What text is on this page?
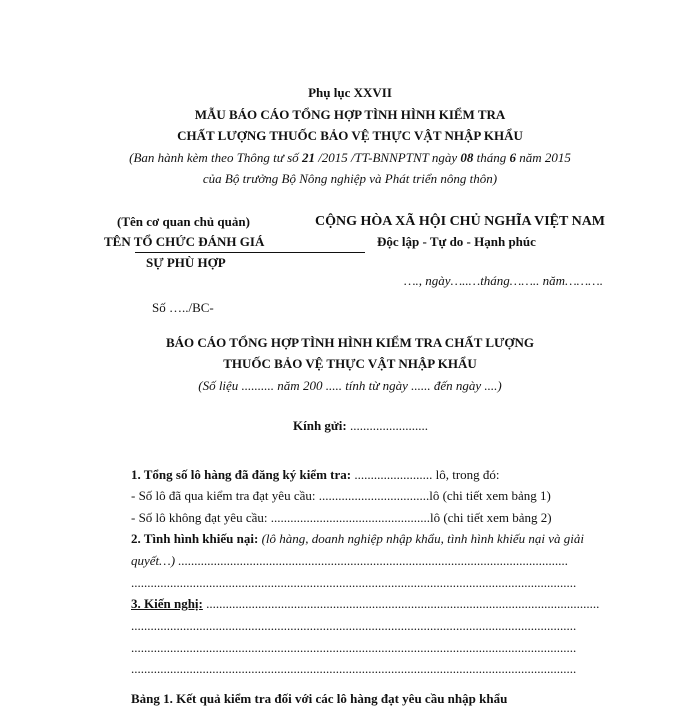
Phụ lục XXVII
MẪU BÁO CÁO TỔNG HỢP TÌNH HÌNH KIỂM TRA
CHẤT LƯỢNG THUỐC BẢO VỆ THỰC VẬT NHẬP KHẨU
(Ban hành kèm theo Thông tư số 21 /2015 /TT-BNNPTNT ngày 08 tháng 6 năm 2015
của Bộ trưởng Bộ Nông nghiệp và Phát triển nông thôn)
(Tên cơ quan chủ quản)
TÊN TỔ CHỨC ĐÁNH GIÁ
SỰ PHÙ HỢP
CỘNG HÒA XÃ HỘI CHỦ NGHĨA VIỆT NAM
Độc lập - Tự do - Hạnh phúc
…., ngày…..…tháng…….. năm……….
Số …../BC-
BÁO CÁO TỔNG HỢP TÌNH HÌNH KIỂM TRA CHẤT LƯỢNG
THUỐC BẢO VỆ THỰC VẬT NHẬP KHẨU
(Số liệu .......... năm 200 ..... tính từ ngày ...... đến ngày ....)
Kính gửi: ........................
1. Tổng số lô hàng đã đăng ký kiểm tra: ........................ lô, trong đó:
- Số lô đã qua kiểm tra đạt yêu cầu: ..................................lô (chi tiết xem bảng 1)
- Số lô không đạt yêu cầu: .................................................lô (chi tiết xem bảng 2)
2. Tình hình khiếu nại: (lô hàng, doanh nghiệp nhập khẩu, tình hình khiếu nại và giải
quyết…) ........................................................................................................................
.........................................................................................................................................
3. Kiến nghị: .........................................................................................................................
.........................................................................................................................................
.........................................................................................................................................
.........................................................................................................................................
Bảng 1. Kết quả kiểm tra đối với các lô hàng đạt yêu cầu nhập khẩu
